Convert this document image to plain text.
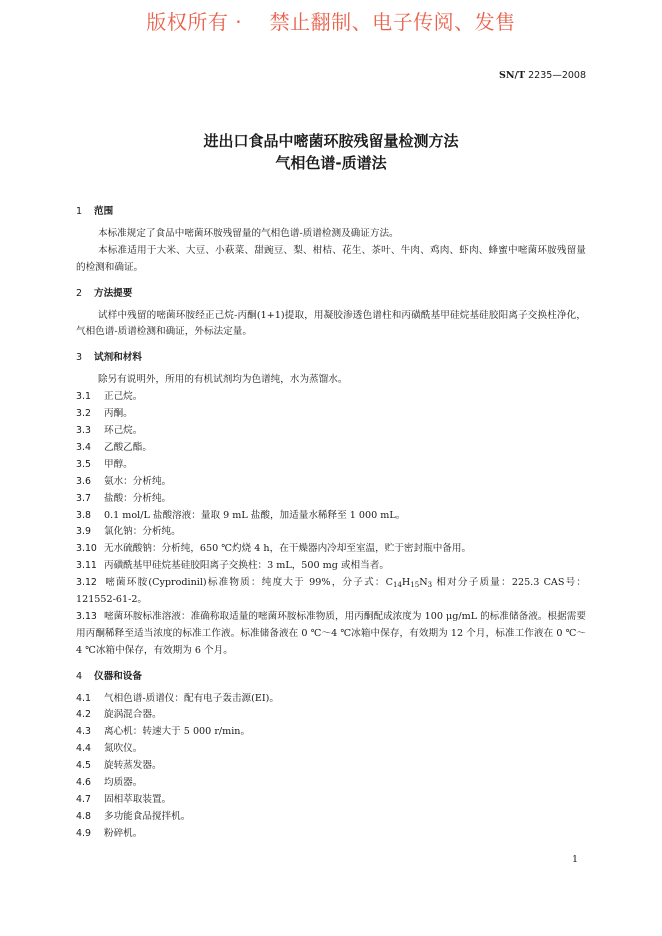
版权所有 ·    禁止翻制、电子传阅、发售
SN/T 2235—2008
进出口食品中嘧菌环胺残留量检测方法
气相色谱-质谱法
1 范围
本标准规定了食品中嘧菌环胺残留量的气相色谱-质谱检测及确证方法。
本标准适用于大米、大豆、小萩菜、甜豌豆、梨、柑桔、花生、茶叶、牛肉、鸡肉、虾肉、蜂蜜中嘧菌环胺残留量的检测和确证。
2 方法提要
试样中残留的嘧菌环胺经正己烷-丙酮(1+1)提取，用凝胶渗透色谱柱和丙磺酰基甲硅烷基硅胶阳离子交换柱净化，气相色谱-质谱检测和确证，外标法定量。
3 试剂和材料
除另有说明外，所用的有机试剂均为色谱纯，水为蒸馏水。
3.1 正己烷。
3.2 丙酮。
3.3 环己烷。
3.4 乙酸乙酯。
3.5 甲醇。
3.6 氨水：分析纯。
3.7 盐酸：分析纯。
3.8 0.1 mol/L 盐酸溶液：量取 9 mL 盐酸，加适量水稀释至 1 000 mL。
3.9 氯化钠：分析纯。
3.10 无水硫酸钠：分析纯，650 ℃灼烧 4 h，在干燥器内冷却至室温，贮于密封瓶中备用。
3.11 丙磺酰基甲硅烷基硅胶阳离子交换柱：3 mL，500 mg 或相当者。
3.12 嘧菌环胺(Cyprodinil)标准物质：纯度大于 99%，分子式：$C_{14}H_{15}N_3$ 相对分子质量：225.3 CAS号：121552-61-2。
3.13 嘧菌环胺标准溶液：准确称取适量的嘧菌环胺标准物质，用丙酮配成浓度为 100 μg/mL 的标准储备液。根据需要用丙酮稀释至适当浓度的标准工作液。标准储备液在 0 ℃～4 ℃冰箱中保存，有效期为 12 个月，标准工作液在 0 ℃～4 ℃冰箱中保存，有效期为 6 个月。
4 仪器和设备
4.1 气相色谱-质谱仪：配有电子轰击源(EI)。
4.2 旋涡混合器。
4.3 离心机：转速大于 5 000 r/min。
4.4 氮吹仪。
4.5 旋转蒸发器。
4.6 均质器。
4.7 固相萃取装置。
4.8 多功能食品搅拌机。
4.9 粉碎机。
1
